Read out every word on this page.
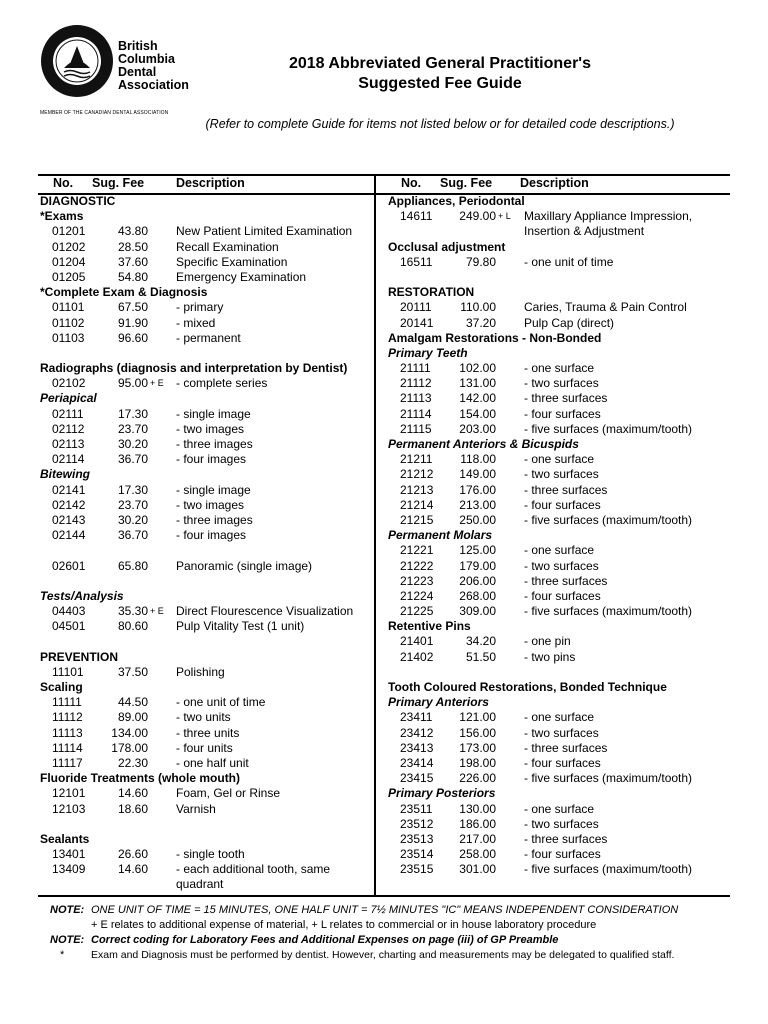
British
Columbia
Dental
Association
MEMBER OF THE CANADIAN DENTAL ASSOCIATION
2018 Abbreviated General Practitioner's
Suggested Fee Guide
(Refer to complete Guide for items not listed below or for detailed code descriptions.)
No. Sug. Fee	Description	No. Sug. Fee Description
DIAGNOSTIC
*Exams
01201	43.80 New Patient Limited Examination
01202	28.50 Recall Examination
01204	37.60 Specific Examination
01205	54.80 Emergency Examination
*Complete Exam & Diagnosis
01101	67.50 - primary
01102	91.90 - mixed
01103	96.60 - permanent
Radiographs (diagnosis and interpretation by Dentist)
02102	95.00 + E - complete series
Periapical
02111	17.30 - single image
02112	23.70 - two images
02113	30.20 - three images
02114	36.70 - four images
Bitewing
02141	17.30 - single image
02142	23.70 - two images
02143	30.20 - three images
02144	36.70 - four images
02601	65.80 Panoramic (single image)
Tests/Analysis
04403	35.30 + E Direct Flourescence Visualization
04501	80.60 Pulp Vitality Test (1 unit)
PREVENTION
11101	37.50 Polishing
Scaling
11111	44.50 - one unit of time
11112	89.00 - two units
11113	134.00 - three units
11114	178.00 - four units
11117	22.30 - one half unit
Fluoride Treatments (whole mouth)
12101	14.60 Foam, Gel or Rinse
12103	18.60 Varnish
Sealants
13401	26.60 - single tooth
13409	14.60 - each additional tooth, same
quadrant
Appliances, Periodontal
14611	249.00 + L Maxillary Appliance Impression,
Insertion & Adjustment
Occlusal adjustment
16511	79.80 - one unit of time
RESTORATION
20111	110.00 Caries, Trauma & Pain Control
20141	37.20 Pulp Cap (direct)
Amalgam Restorations - Non-Bonded
Primary Teeth
21111	102.00 - one surface
21112	131.00 - two surfaces
21113	142.00 - three surfaces
21114	154.00 - four surfaces
21115	203.00 - five surfaces (maximum/tooth)
Permanent Anteriors & Bicuspids
21211	118.00 - one surface
21212	149.00 - two surfaces
21213	176.00 - three surfaces
21214	213.00 - four surfaces
21215	250.00 - five surfaces (maximum/tooth)
Permanent Molars
21221	125.00 - one surface
21222	179.00 - two surfaces
21223	206.00 - three surfaces
21224	268.00 - four surfaces
21225	309.00 - five surfaces (maximum/tooth)
Retentive Pins
21401	34.20 - one pin
21402	51.50 - two pins
Tooth Coloured Restorations, Bonded Technique
Primary Anteriors
23411	121.00 - one surface
23412	156.00 - two surfaces
23413	173.00 - three surfaces
23414	198.00 - four surfaces
23415	226.00 - five surfaces (maximum/tooth)
Primary Posteriors
23511	130.00 - one surface
23512	186.00 - two surfaces
23513	217.00 - three surfaces
23514	258.00 - four surfaces
23515	301.00 - five surfaces (maximum/tooth)
NOTE: ONE UNIT OF TIME = 15 MINUTES, ONE HALF UNIT = 7½ MINUTES "IC" MEANS INDEPENDENT CONSIDERATION
+ E relates to additional expense of material, + L relates to commercial or in house laboratory procedure
NOTE: Correct coding for Laboratory Fees and Additional Expenses on page (iii) of GP Preamble
*	Exam and Diagnosis must be performed by dentist. However, charting and measurements may be delegated to qualified staff.
